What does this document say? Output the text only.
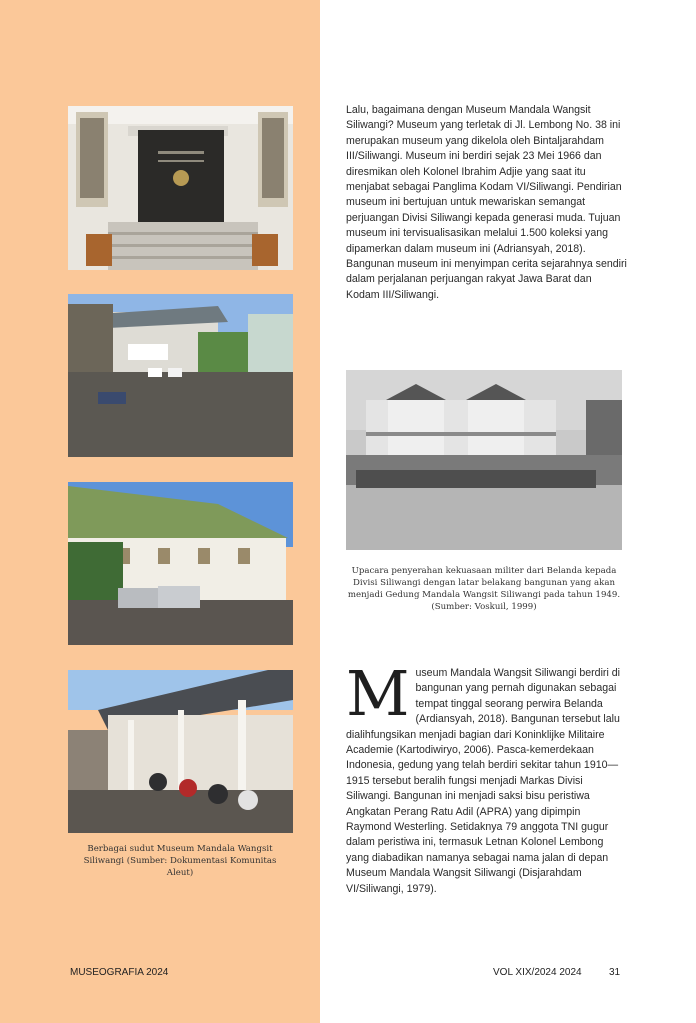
Berbagai sudut Museum Mandala Wangsit Siliwangi (Sumber: Dokumentasi Komunitas Aleut)

Lalu, bagaimana dengan Museum Mandala Wangsit Siliwangi? Museum yang terletak di Jl. Lembong No. 38 ini merupakan museum yang dikelola oleh Bintaljarahdam III/Siliwangi. Museum ini berdiri sejak 23 Mei 1966 dan diresmikan oleh Kolonel Ibrahim Adjie yang saat itu menjabat sebagai Panglima Kodam VI/Siliwangi. Pendirian museum ini bertujuan untuk mewariskan semangat perjuangan Divisi Siliwangi kepada generasi muda. Tujuan museum ini tervisualisasikan melalui 1.500 koleksi yang dipamerkan dalam museum ini (Adriansyah, 2018). Bangunan museum ini menyimpan cerita sejarahnya sendiri dalam perjalanan perjuangan rakyat Jawa Barat dan Kodam III/Siliwangi.

Upacara penyerahan kekuasaan militer dari Belanda kepada Divisi Siliwangi dengan latar belakang bangunan yang akan menjadi Gedung Mandala Wangsit Siliwangi pada tahun 1949.
(Sumber: Voskuil, 1999)

Museum Mandala Wangsit Siliwangi berdiri di bangunan yang pernah digunakan sebagai tempat tinggal seorang perwira Belanda (Ardiansyah, 2018). Bangunan tersebut lalu dialihfungsikan menjadi bagian dari Koninklijke Militaire Academie (Kartodiwiryo, 2006). Pasca-kemerdekaan Indonesia, gedung yang telah berdiri sekitar tahun 1910—1915 tersebut beralih fungsi menjadi Markas Divisi Siliwangi. Bangunan ini menjadi saksi bisu peristiwa Angkatan Perang Ratu Adil (APRA) yang dipimpin Raymond Westerling. Setidaknya 79 anggota TNI gugur dalam peristiwa ini, termasuk Letnan Kolonel Lembong yang diabadikan namanya sebagai nama jalan di depan Museum Mandala Wangsit Siliwangi (Disjarahdam VI/Siliwangi, 1979).

MUSEOGRAFIA 2024	VOL XIX/2024 2024	31
